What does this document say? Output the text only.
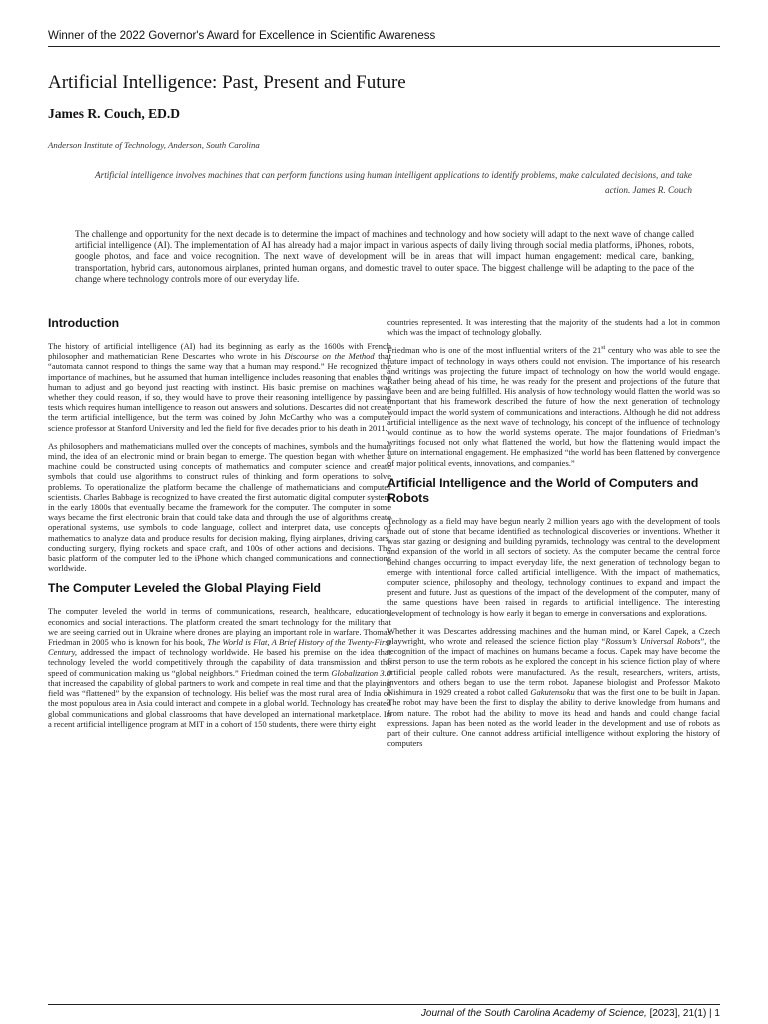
Winner of the 2022 Governor's Award for Excellence in Scientific Awareness
Artificial Intelligence: Past, Present and Future

James R. Couch, ED.D

Anderson Institute of Technology, Anderson, South Carolina

Artificial intelligence involves machines that can perform functions using human intelligent applications to identify problems, make calculated decisions, and take action. James R. Couch

The challenge and opportunity for the next decade is to determine the impact of machines and technology and how society will adapt to the next wave of change called artificial intelligence (AI). The implementation of AI has already had a major impact in various aspects of daily living through social media platforms, iPhones, robots, google photos, and face and voice recognition. The next wave of development will be in areas that will impact human engagement: medical care, banking, transportation, hybrid cars, autonomous airplanes, printed human organs, and domestic travel to outer space. The biggest challenge will be adapting to the pace of the change where technology controls more of our everyday life.

Introduction

The history of artificial intelligence (AI) had its beginning as early as the 1600s with French philosopher and mathematician Rene Descartes who wrote in his Discourse on the Method that “automata cannot respond to things the same way that a human may respond.” He recognized the importance of machines, but he assumed that human intelligence includes reasoning that enables the human to adjust and go beyond just reacting with instinct. His basic premise on machines was whether they could reason, if so, they would have to prove their reasoning intelligence by passing tests which requires human intelligence to reason out answers and solutions. Descartes did not create the term artificial intelligence, but the term was coined by John McCarthy who was a computer science professor at Stanford University and led the field for five decades prior to his death in 2011.

As philosophers and mathematicians mulled over the concepts of machines, symbols and the human mind, the idea of an electronic mind or brain began to emerge. The question began with whether a machine could be constructed using concepts of mathematics and computer science and create symbols that could use algorithms to construct rules of thinking and form operations to solve problems. To operationalize the platform became the challenge of mathematicians and computer scientists. Charles Babbage is recognized to have created the first automatic digital computer system in the early 1800s that eventually became the framework for the computer. The computer in some ways became the first electronic brain that could take data and through the use of algorithms create operational systems, use symbols to code language, collect and interpret data, use concepts of mathematics to analyze data and produce results for decision making, flying airplanes, driving cars, conducting surgery, flying rockets and space craft, and 100s of other actions and decisions. The basic platform of the computer led to the iPhone which changed communications and connections worldwide.

The Computer Leveled the Global Playing Field

The computer leveled the world in terms of communications, research, healthcare, education, economics and social interactions. The platform created the smart technology for the military that we are seeing carried out in Ukraine where drones are playing an important role in warfare. Thomas Friedman in 2005 who is known for his book, The World is Flat, A Brief History of the Twenty-First Century, addressed the impact of technology worldwide. He based his premise on the idea that technology leveled the world competitively through the capability of data transmission and the speed of communication making us “global neighbors.” Friedman coined the term Globalization 3.0 that increased the capability of global partners to work and compete in real time and that the playing field was “flattened” by the expansion of technology. His belief was the most rural area of India or the most populous area in Asia could interact and compete in a global world. Technology has created global communications and global classrooms that have developed an international marketplace. In a recent artificial intelligence program at MIT in a cohort of 150 students, there were thirty eight

countries represented. It was interesting that the majority of the students had a lot in common which was the impact of technology globally.

Friedman who is one of the most influential writers of the 21st century who was able to see the future impact of technology in ways others could not envision. The importance of his research and writings was projecting the future impact of technology on how the world would engage. Rather being ahead of his time, he was ready for the present and projections of the future that have been and are being fulfilled. His analysis of how technology would flatten the world was so important that his framework described the future of how the next generation of technology would impact the world system of communications and interactions. Although he did not address artificial intelligence as the next wave of technology, his concept of the influence of technology would continue as to how the world systems operate. The major foundations of Friedman’s writings focused not only what flattened the world, but how the flattening would impact the future on international engagement. He emphasized “the world has been flattened by convergence of major political events, innovations, and companies.”

Artificial Intelligence and the World of Computers and Robots

Technology as a field may have begun nearly 2 million years ago with the development of tools made out of stone that became identified as technological discoveries or inventions. Whether it was star gazing or designing and building pyramids, technology was central to the development and expansion of the world in all sectors of society. As the computer became the central force behind changes occurring to impact everyday life, the next generation of technology began to emerge with intentional force called artificial intelligence. With the impact of mathematics, computer science, philosophy and theology, technology continues to expand and impact the present and future. Just as questions of the impact of the development of the computer, many of the same questions have been raised in regards to artificial intelligence. The interesting development of technology is how early it began to emerge in conversations and explorations.

Whether it was Descartes addressing machines and the human mind, or Karel Capek, a Czech playwright, who wrote and released the science fiction play “Rossum’s Universal Robots”, the recognition of the impact of machines on humans became a focus. Capek may have become the first person to use the term robots as he explored the concept in his science fiction play of where artificial people called robots were manufactured. As the result, researchers, writers, artists, inventors and others began to use the term robot. Japanese biologist and Professor Makoto Nishimura in 1929 created a robot called Gakutensoku that was the first one to be built in Japan. The robot may have been the first to display the ability to derive knowledge from humans and from nature. The robot had the ability to move its head and hands and could change facial expressions. Japan has been noted as the world leader in the development and use of robots as part of their culture. One cannot address artificial intelligence without exploring the history of computers

Journal of the South Carolina Academy of Science, [2023], 21(1) | 1
